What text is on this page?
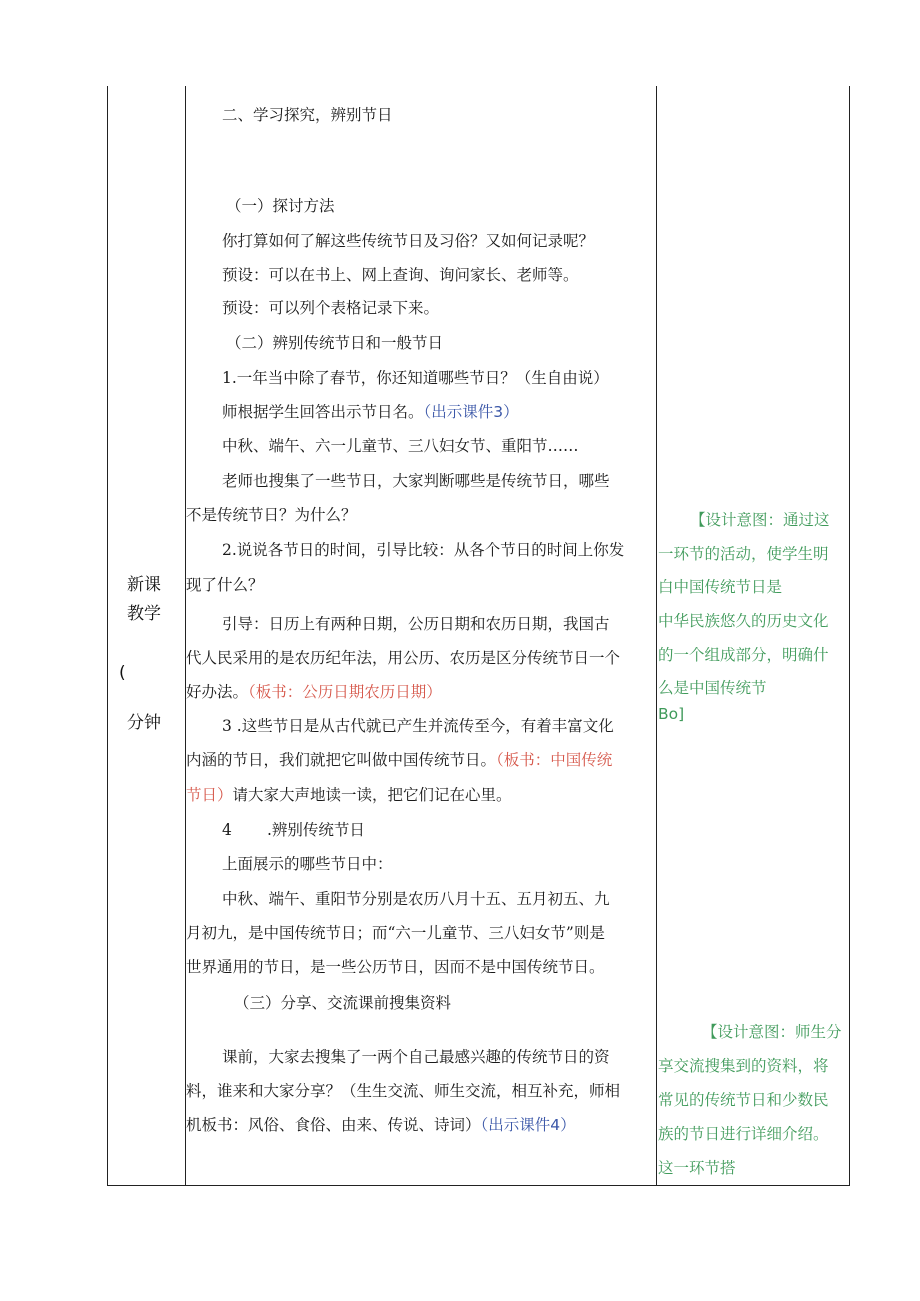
新课
教学
(
分钟
二、学习探究，辨别节日
（一）探讨方法
你打算如何了解这些传统节日及习俗？又如何记录呢？
预设：可以在书上、网上查询、询问家长、老师等。
预设：可以列个表格记录下来。
（二）辨别传统节日和一般节日
1.一年当中除了春节，你还知道哪些节日？（生自由说）
师根据学生回答出示节日名。（出示课件3）
中秋、端午、六一儿童节、三八妇女节、重阳节……
老师也搜集了一些节日，大家判断哪些是传统节日，哪些
不是传统节日？为什么？
2.说说各节日的时间，引导比较：从各个节日的时间上你发
现了什么？
引导：日历上有两种日期，公历日期和农历日期，我国古
代人民采用的是农历纪年法，用公历、农历是区分传统节日一个
好办法。（板书：公历日期农历日期）
3 .这些节日是从古代就已产生并流传至今，有着丰富文化
内涵的节日，我们就把它叫做中国传统节日。（板书：中国传统
节日）请大家大声地读一读，把它们记在心里。
4 .辨别传统节日
上面展示的哪些节日中：
中秋、端午、重阳节分别是农历八月十五、五月初五、九
月初九，是中国传统节日；而“六一儿童节、三八妇女节”则是
世界通用的节日，是一些公历节日，因而不是中国传统节日。
（三）分享、交流课前搜集资料
课前，大家去搜集了一两个自己最感兴趣的传统节日的资
料，谁来和大家分享？（生生交流、师生交流，相互补充，师相
机板书：风俗、食俗、由来、传说、诗词）（出示课件4）
【设计意图：通过这
一环节的活动，使学生明
白中国传统节日是
中华民族悠久的历史文化
的一个组成部分，明确什
么是中国传统节
Bo]
【设计意图：师生分
享交流搜集到的资料，将
常见的传统节日和少数民
族的节日进行详细介绍。
这一环节搭
